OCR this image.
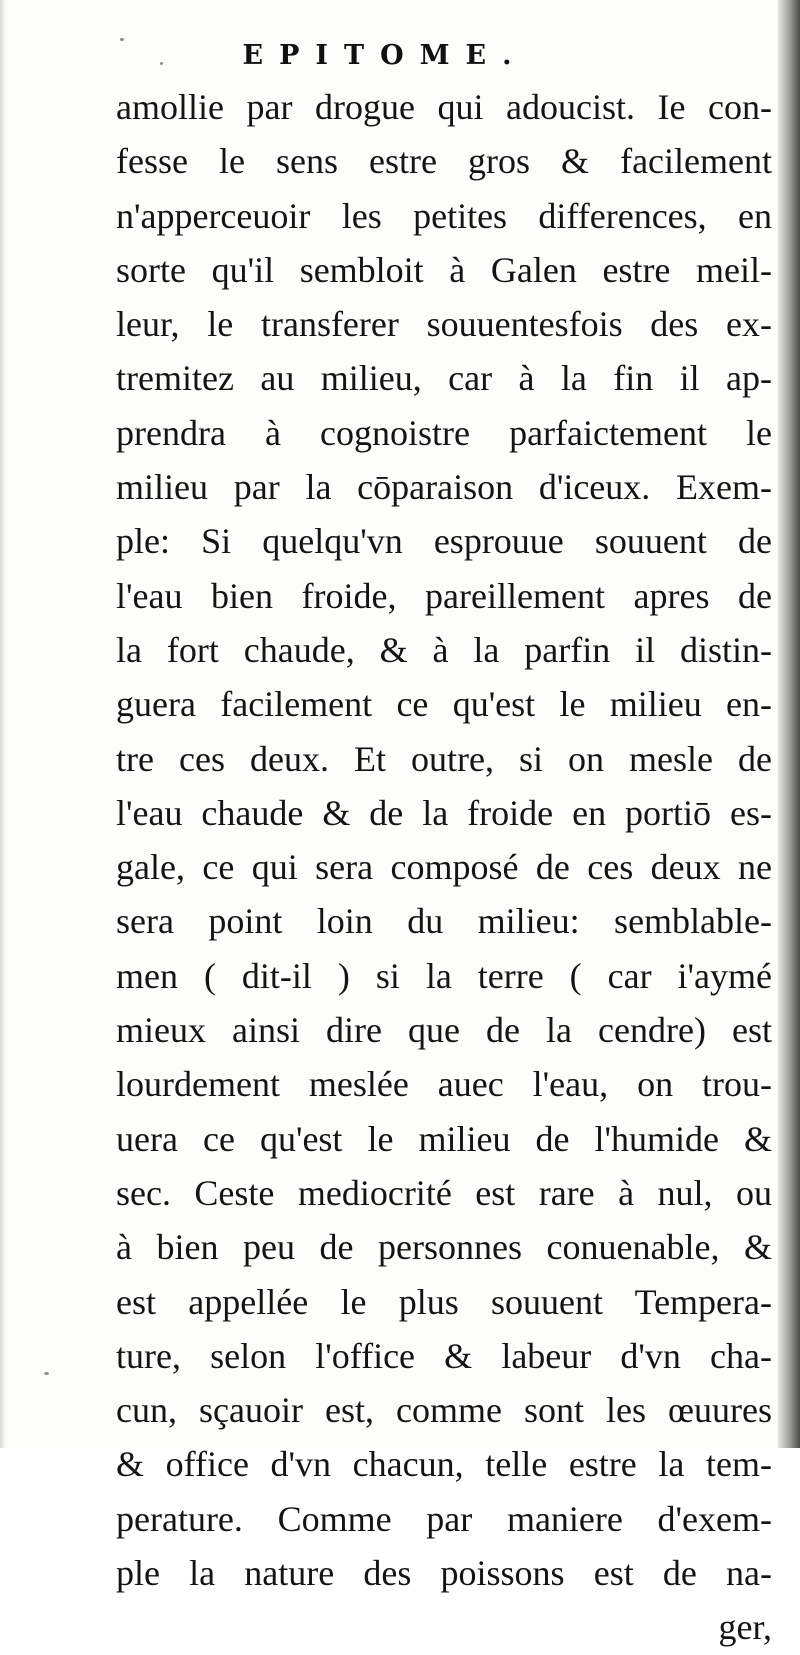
EPITOME.
amollie par drogue qui adoucist. Ie con-
fesse le sens estre gros & facilement
n'apperceuoir les petites differences, en
sorte qu'il sembloit à Galen estre meil-
leur, le transferer souuentesfois des ex-
tremitez au milieu, car à la fin il ap-
prendra à cognoistre parfaictement le
milieu par la cōparaison d'iceux. Exem-
ple: Si quelqu'vn esprouue souuent de
l'eau bien froide, pareillement apres de
la fort chaude, & à la parfin il distin-
guera facilement ce qu'est le milieu en-
tre ces deux. Et outre, si on mesle de
l'eau chaude & de la froide en portiō es-
gale, ce qui sera composé de ces deux ne
sera point loin du milieu: semblable-
men ( dit-il ) si la terre ( car i'aymé
mieux ainsi dire que de la cendre) est
lourdement meslée auec l'eau, on trou-
uera ce qu'est le milieu de l'humide &
sec. Ceste mediocrité est rare à nul, ou
à bien peu de personnes conuenable, &
est appellée le plus souuent Tempera-
ture, selon l'office & labeur d'vn cha-
cun, sçauoir est, comme sont les œuures
& office d'vn chacun, telle estre la tem-
perature. Comme par maniere d'exem-
ple la nature des poissons est de na-
ger,
